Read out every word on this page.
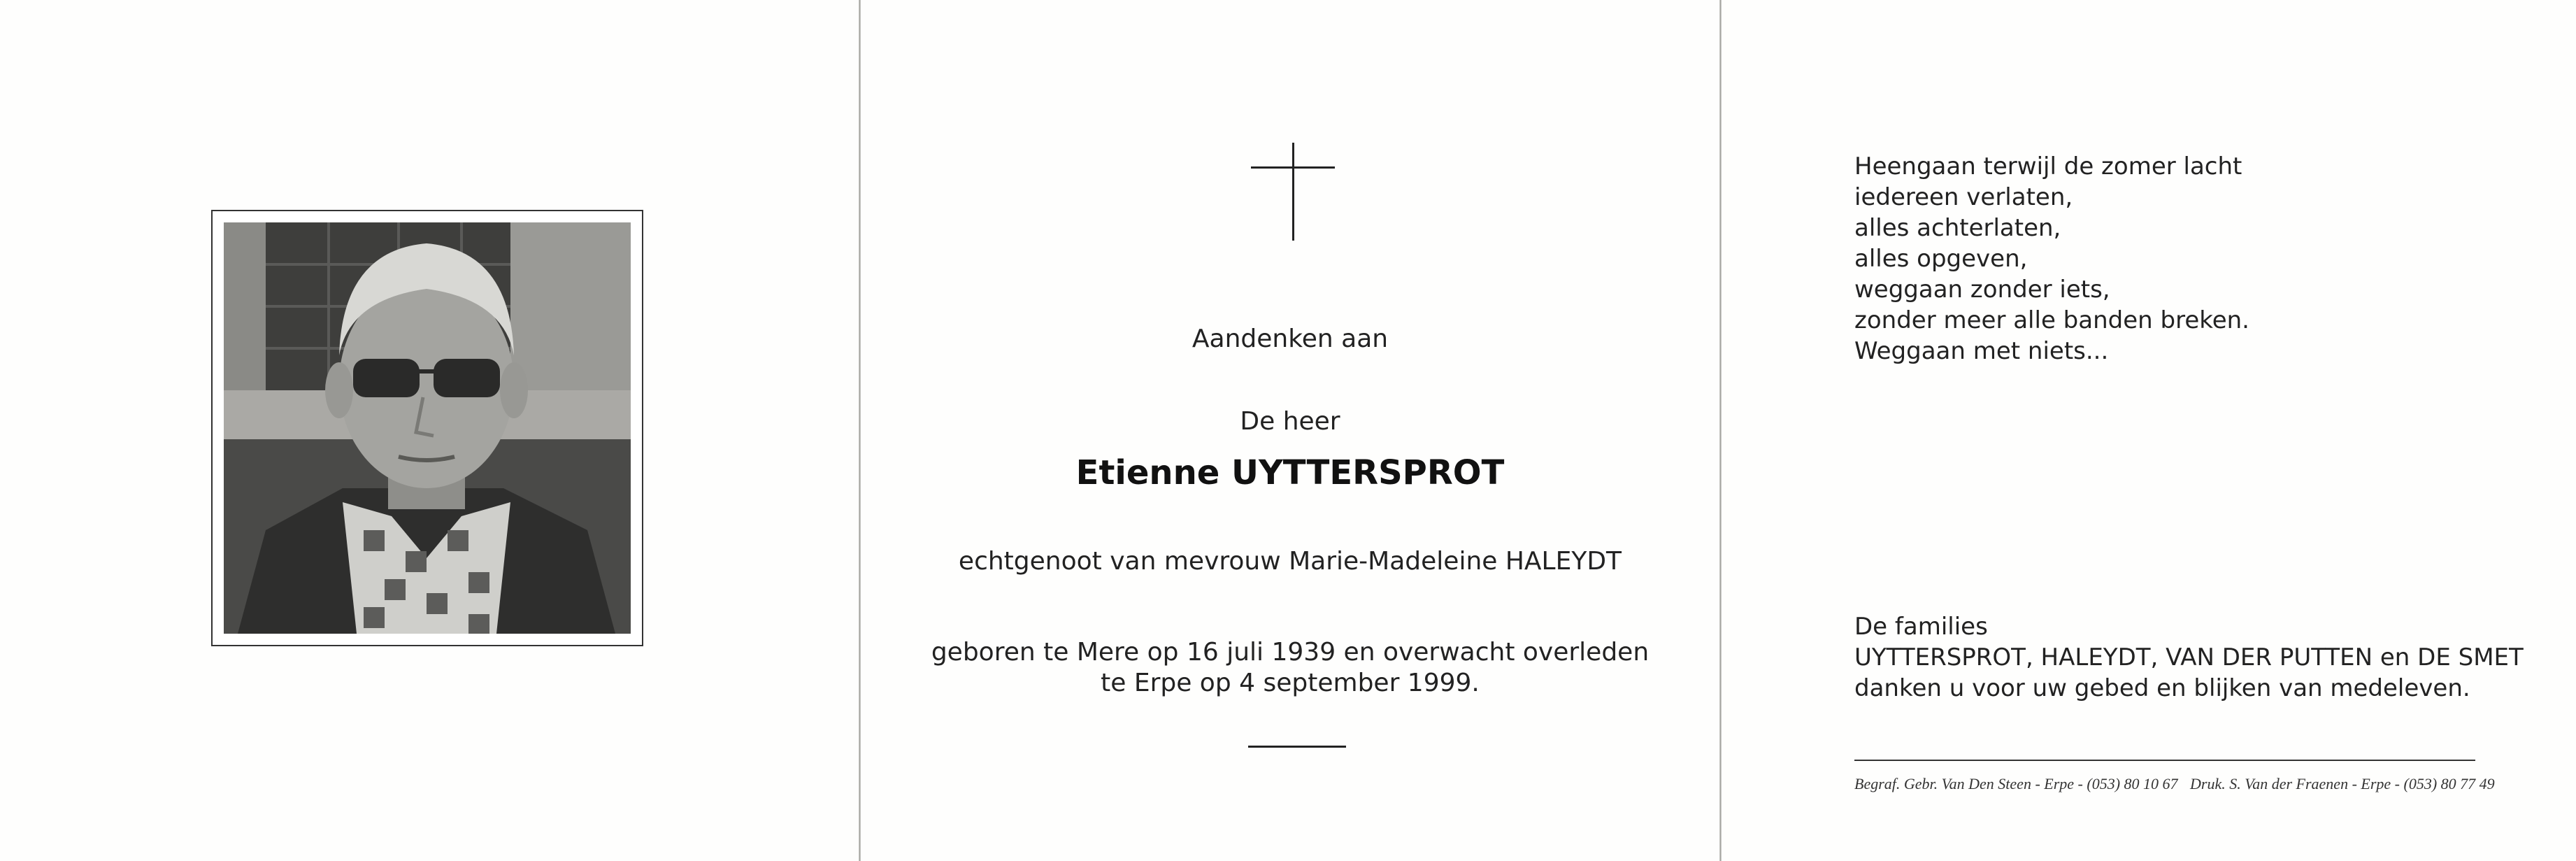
Aandenken aan
De heer
Etienne UYTTERSPROT
echtgenoot van mevrouw Marie-Madeleine HALEYDT
geboren te Mere op 16 juli 1939 en overwacht overleden
te Erpe op 4 september 1999.
Heengaan terwijl de zomer lacht
iedereen verlaten,
alles achterlaten,
alles opgeven,
weggaan zonder iets,
zonder meer alle banden breken.
Weggaan met niets...
De families
UYTTERSPROT, HALEYDT, VAN DER PUTTEN en DE SMET
danken u voor uw gebed en blijken van medeleven.
Begraf. Gebr. Van Den Steen - Erpe - (053) 80 10 67 Druk. S. Van der Fraenen - Erpe - (053) 80 77 49
